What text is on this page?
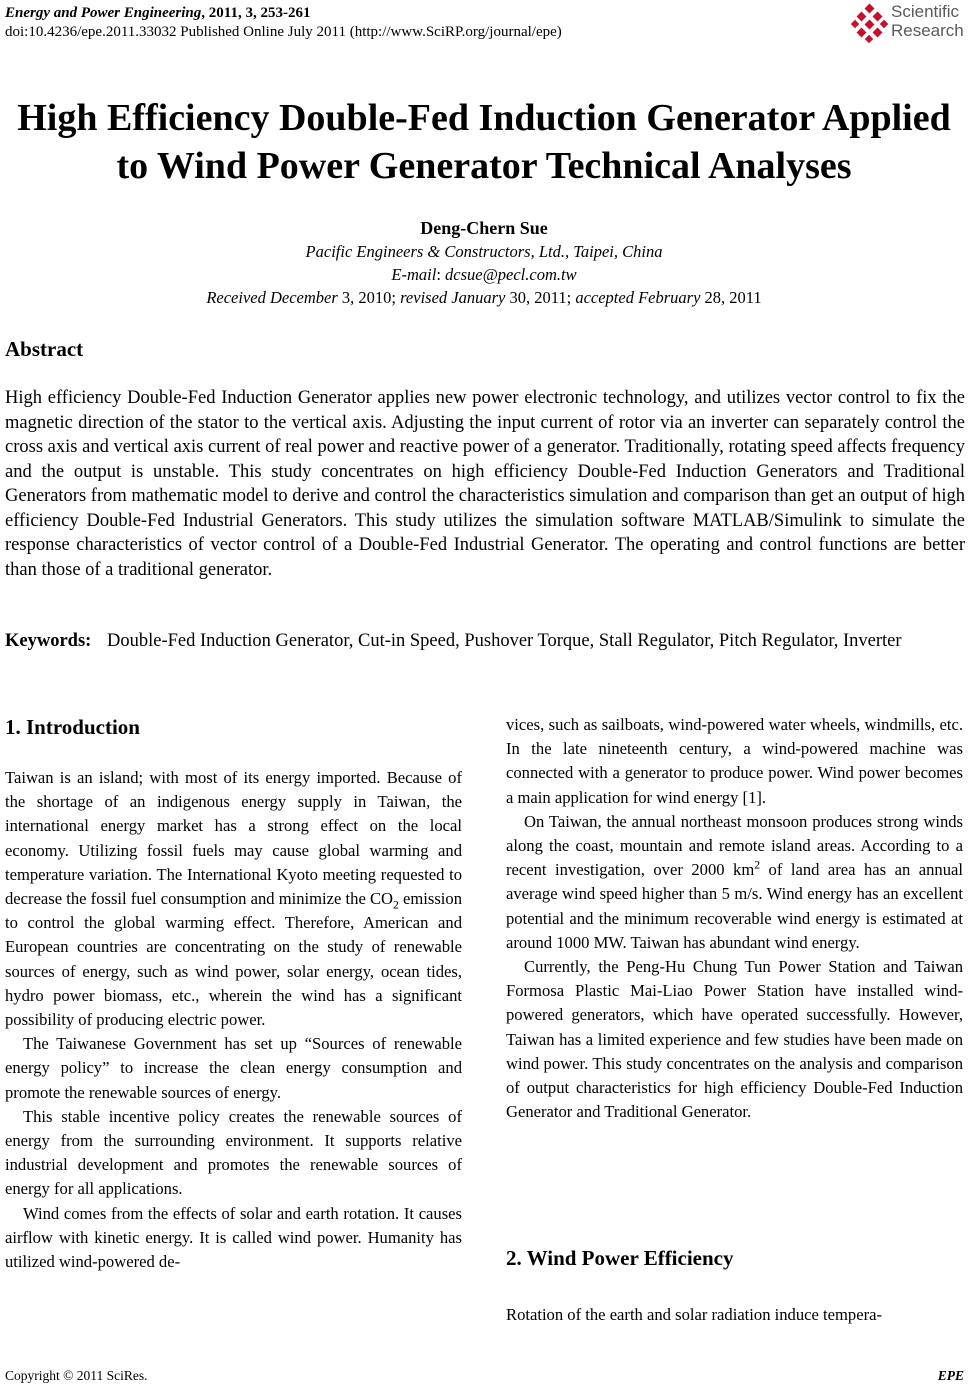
Energy and Power Engineering, 2011, 3, 253-261
doi:10.4236/epe.2011.33032 Published Online July 2011 (http://www.SciRP.org/journal/epe)
Scientific
Research
High Efficiency Double-Fed Induction Generator Applied
to Wind Power Generator Technical Analyses
Deng-Chern Sue
Pacific Engineers & Constructors, Ltd., Taipei, China
E-mail: dcsue@pecl.com.tw
Received December 3, 2010; revised January 30, 2011; accepted February 28, 2011
Abstract
High efficiency Double-Fed Induction Generator applies new power electronic technology, and utilizes vector control to fix the magnetic direction of the stator to the vertical axis. Adjusting the input current of rotor via an inverter can separately control the cross axis and vertical axis current of real power and reactive power of a generator. Traditionally, rotating speed affects frequency and the output is unstable. This study concentrates on high efficiency Double-Fed Induction Generators and Traditional Generators from mathematic model to derive and control the characteristics simulation and comparison than get an output of high efficiency Double-Fed Industrial Generators. This study utilizes the simulation software MATLAB/Simulink to simulate the response characteristics of vector control of a Double-Fed Industrial Generator. The operating and control functions are better than those of a traditional generator.
Keywords: Double-Fed Induction Generator, Cut-in Speed, Pushover Torque, Stall Regulator, Pitch Regulator, Inverter
1. Introduction

Taiwan is an island; with most of its energy imported. Because of the shortage of an indigenous energy supply in Taiwan, the international energy market has a strong effect on the local economy. Utilizing fossil fuels may cause global warming and temperature variation. The International Kyoto meeting requested to decrease the fossil fuel consumption and minimize the $CO_2$ emission to control the global warming effect. Therefore, American and European countries are concentrating on the study of renewable sources of energy, such as wind power, solar energy, ocean tides, hydro power biomass, etc., wherein the wind has a significant possibility of producing electric power.

The Taiwanese Government has set up “Sources of renewable energy policy” to increase the clean energy consumption and promote the renewable sources of energy.

This stable incentive policy creates the renewable sources of energy from the surrounding environment. It supports relative industrial development and promotes the renewable sources of energy for all applications.

Wind comes from the effects of solar and earth rotation. It causes airflow with kinetic energy. It is called wind power. Humanity has utilized wind-powered de-

vices, such as sailboats, wind-powered water wheels, windmills, etc. In the late nineteenth century, a wind-powered machine was connected with a generator to produce power. Wind power becomes a main application for wind energy [1].

On Taiwan, the annual northeast monsoon produces strong winds along the coast, mountain and remote island areas. According to a recent investigation, over 2000 $km^2$ of land area has an annual average wind speed higher than 5 m/s. Wind energy has an excellent potential and the minimum recoverable wind energy is estimated at around 1000 MW. Taiwan has abundant wind energy.

Currently, the Peng-Hu Chung Tun Power Station and Taiwan Formosa Plastic Mai-Liao Power Station have installed wind-powered generators, which have operated successfully. However, Taiwan has a limited experience and few studies have been made on wind power. This study concentrates on the analysis and comparison of output characteristics for high efficiency Double-Fed Induction Generator and Traditional Generator.

2. Wind Power Efficiency
Rotation of the earth and solar radiation induce tempera-
Copyright © 2011 SciRes.	EPE
